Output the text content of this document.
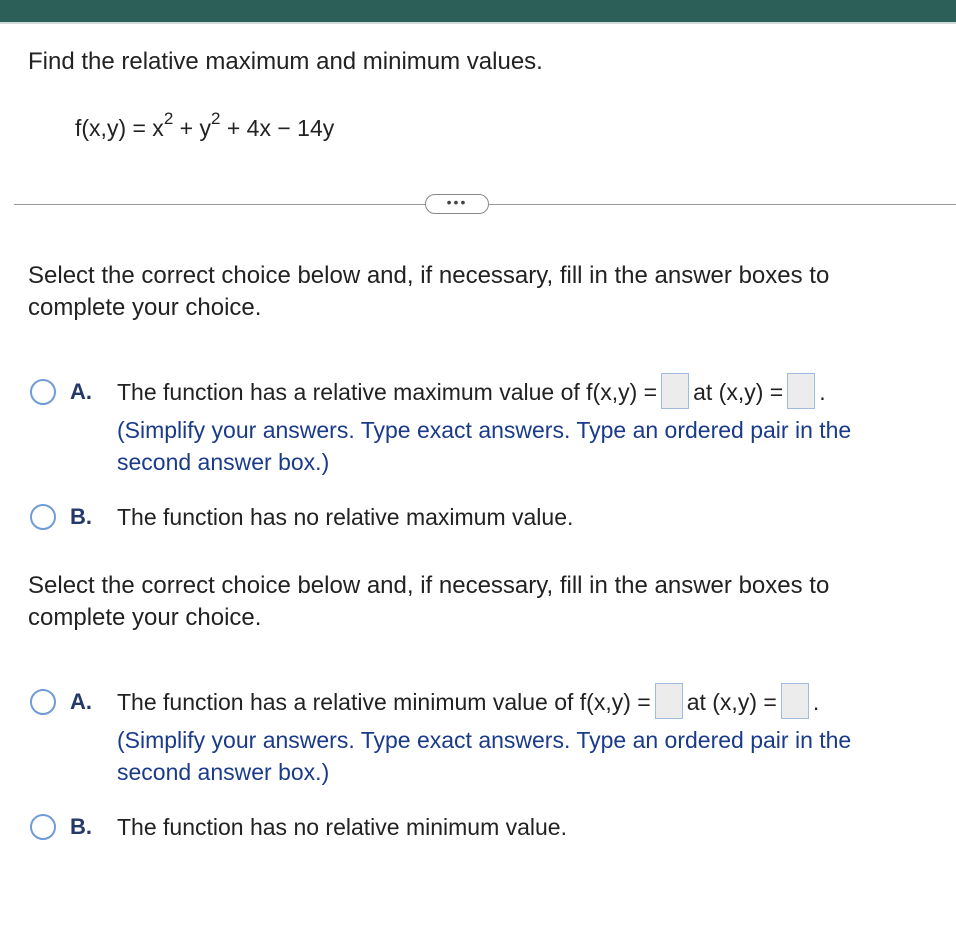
Find the relative maximum and minimum values.
$f(x,y) = x^2 + y^2 + 4x - 14y$
•••
Select the correct choice below and, if necessary, fill in the answer boxes to complete your choice.
A. The function has a relative maximum value of f(x,y) = at (x,y) = .
(Simplify your answers. Type exact answers. Type an ordered pair in the second answer box.)
B. The function has no relative maximum value.
Select the correct choice below and, if necessary, fill in the answer boxes to complete your choice.
A. The function has a relative minimum value of f(x,y) = at (x,y) = .
(Simplify your answers. Type exact answers. Type an ordered pair in the second answer box.)
B. The function has no relative minimum value.
